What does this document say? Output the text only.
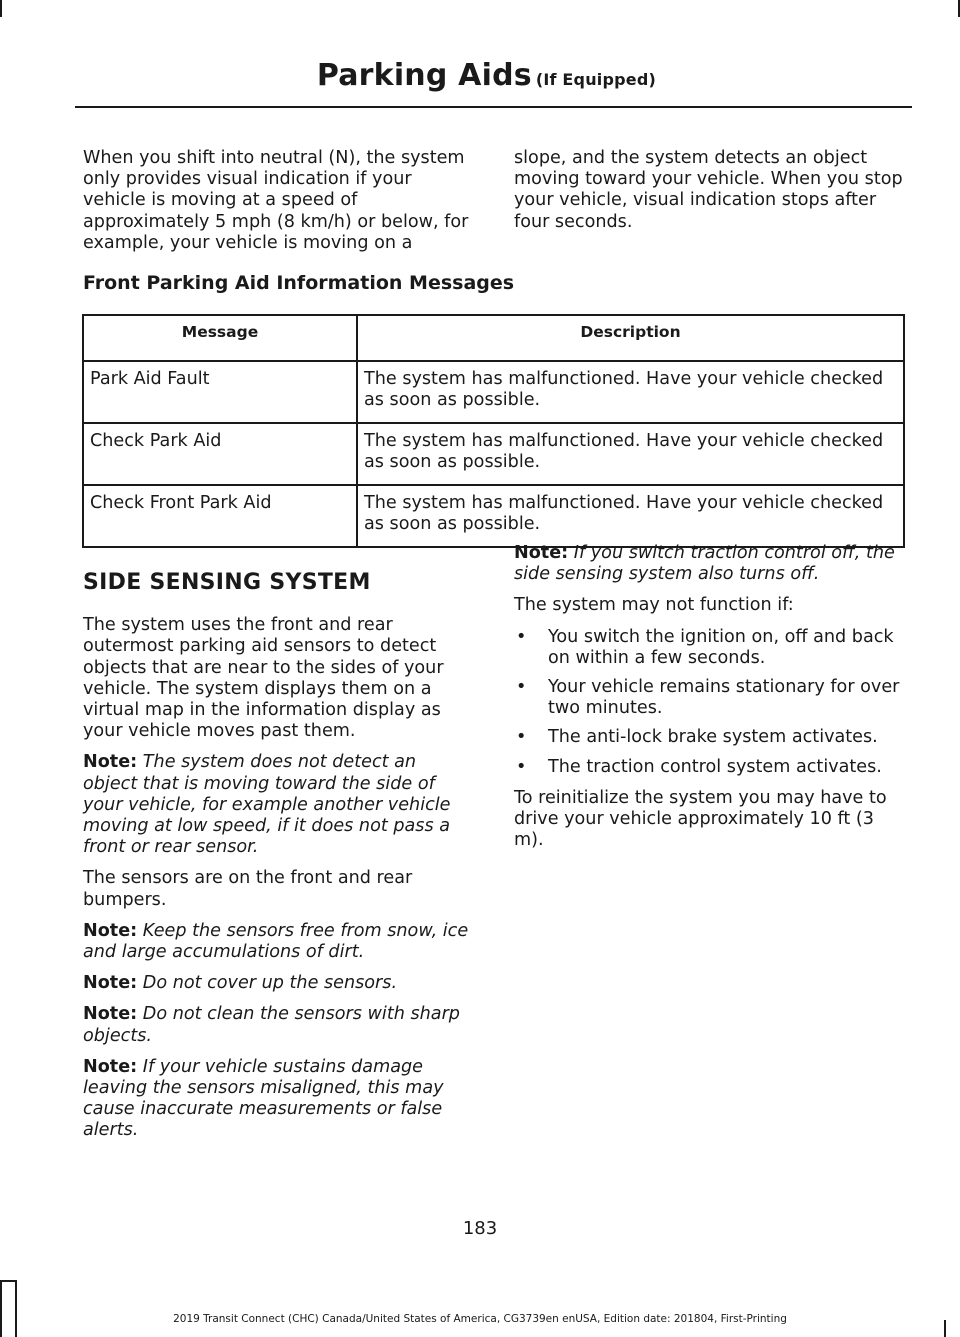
Parking Aids (If Equipped)

When you shift into neutral (N), the system only provides visual indication if your vehicle is moving at a speed of approximately 5 mph (8 km/h) or below, for example, your vehicle is moving on a

slope, and the system detects an object moving toward your vehicle. When you stop your vehicle, visual indication stops after four seconds.

Front Parking Aid Information Messages
Message	Description
Park Aid Fault	The system has malfunctioned. Have your vehicle checked as soon as possible.
Check Park Aid	The system has malfunctioned. Have your vehicle checked as soon as possible.
Check Front Park Aid	The system has malfunctioned. Have your vehicle checked as soon as possible.
SIDE SENSING SYSTEM

The system uses the front and rear outermost parking aid sensors to detect objects that are near to the sides of your vehicle. The system displays them on a virtual map in the information display as your vehicle moves past them.

Note: The system does not detect an object that is moving toward the side of your vehicle, for example another vehicle moving at low speed, if it does not pass a front or rear sensor.

The sensors are on the front and rear bumpers.

Note: Keep the sensors free from snow, ice and large accumulations of dirt.

Note: Do not cover up the sensors.

Note: Do not clean the sensors with sharp objects.

Note: If your vehicle sustains damage leaving the sensors misaligned, this may cause inaccurate measurements or false alerts.

Note: If you switch traction control off, the side sensing system also turns off.

The system may not function if:

• You switch the ignition on, off and back on within a few seconds.
• Your vehicle remains stationary for over two minutes.
• The anti-lock brake system activates.
• The traction control system activates.

To reinitialize the system you may have to drive your vehicle approximately 10 ft (3 m).

183
2019 Transit Connect (CHC) Canada/United States of America, CG3739en enUSA, Edition date: 201804, First-Printing
